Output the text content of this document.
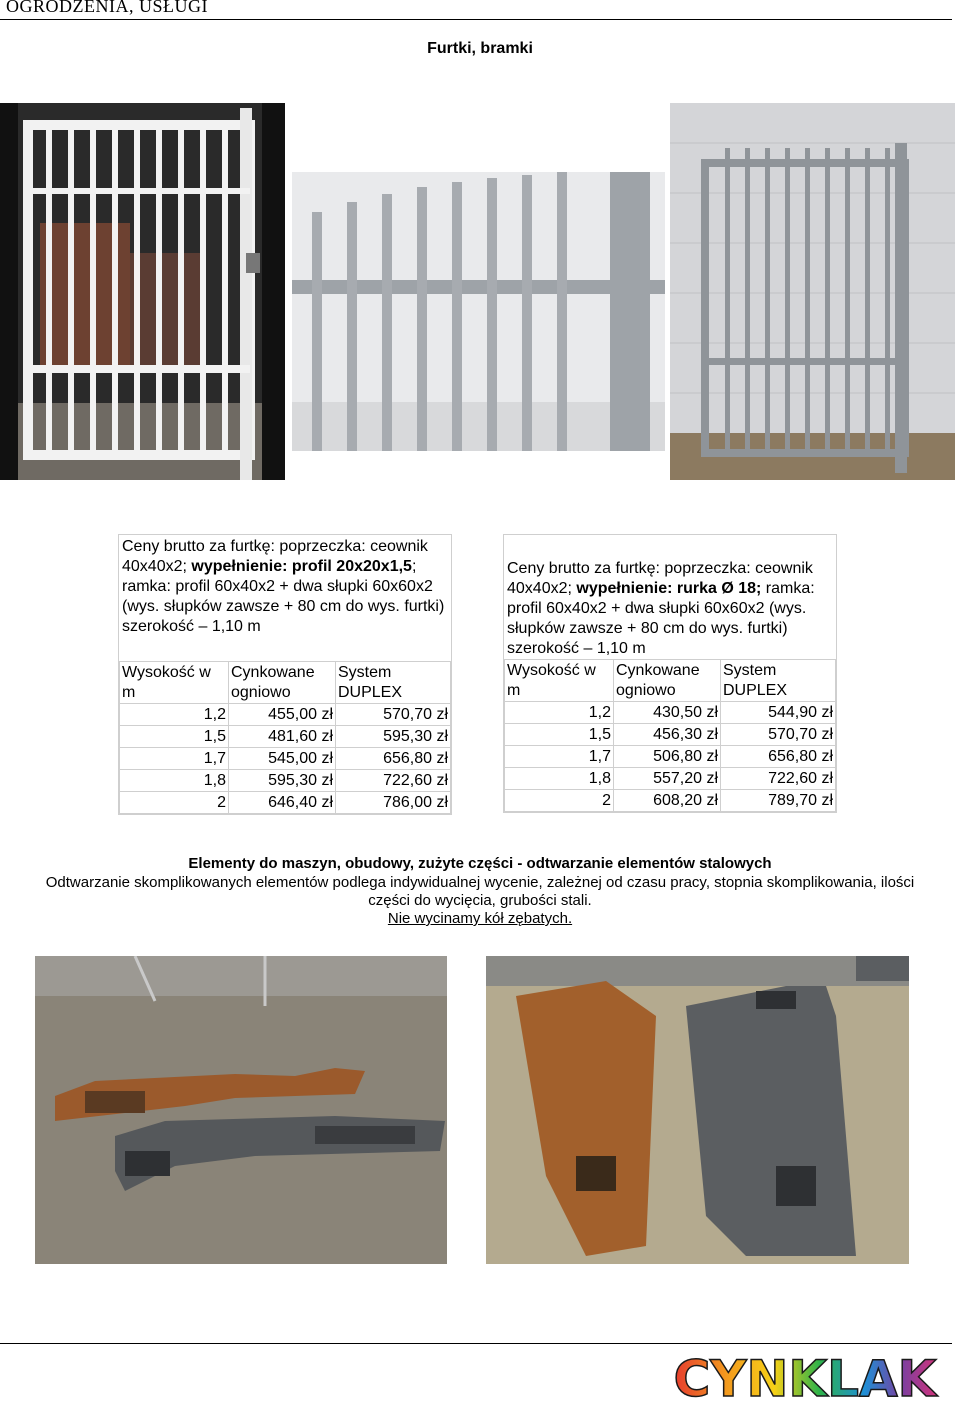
OGRODZENIA, USŁUGI
Furtki, bramki
Ceny brutto za furtkę: poprzeczka: ceownik 40x40x2; wypełnienie: profil 20x20x1,5; ramka: profil 60x40x2 + dwa słupki 60x60x2 (wys. słupków zawsze + 80 cm do wys. furtki) szerokość – 1,10 m
Wysokość w m	Cynkowane ogniowo	System DUPLEX
1,2	455,00 zł	570,70 zł
1,5	481,60 zł	595,30 zł
1,7	545,00 zł	656,80 zł
1,8	595,30 zł	722,60 zł
2	646,40 zł	786,00 zł
Ceny brutto za furtkę: poprzeczka: ceownik 40x40x2; wypełnienie: rurka Ø 18; ramka: profil 60x40x2 + dwa słupki 60x60x2 (wys. słupków zawsze + 80 cm do wys. furtki) szerokość – 1,10 m
Wysokość w m	Cynkowane ogniowo	System DUPLEX
1,2	430,50 zł	544,90 zł
1,5	456,30 zł	570,70 zł
1,7	506,80 zł	656,80 zł
1,8	557,20 zł	722,60 zł
2	608,20 zł	789,70 zł
Elementy do maszyn, obudowy, zużyte części - odtwarzanie elementów stalowych
Odtwarzanie skomplikowanych elementów podlega indywidualnej wycenie, zależnej od czasu pracy, stopnia skomplikowania, ilości części do wycięcia, grubości stali.
Nie wycinamy kół zębatych.
CYNKLAK
